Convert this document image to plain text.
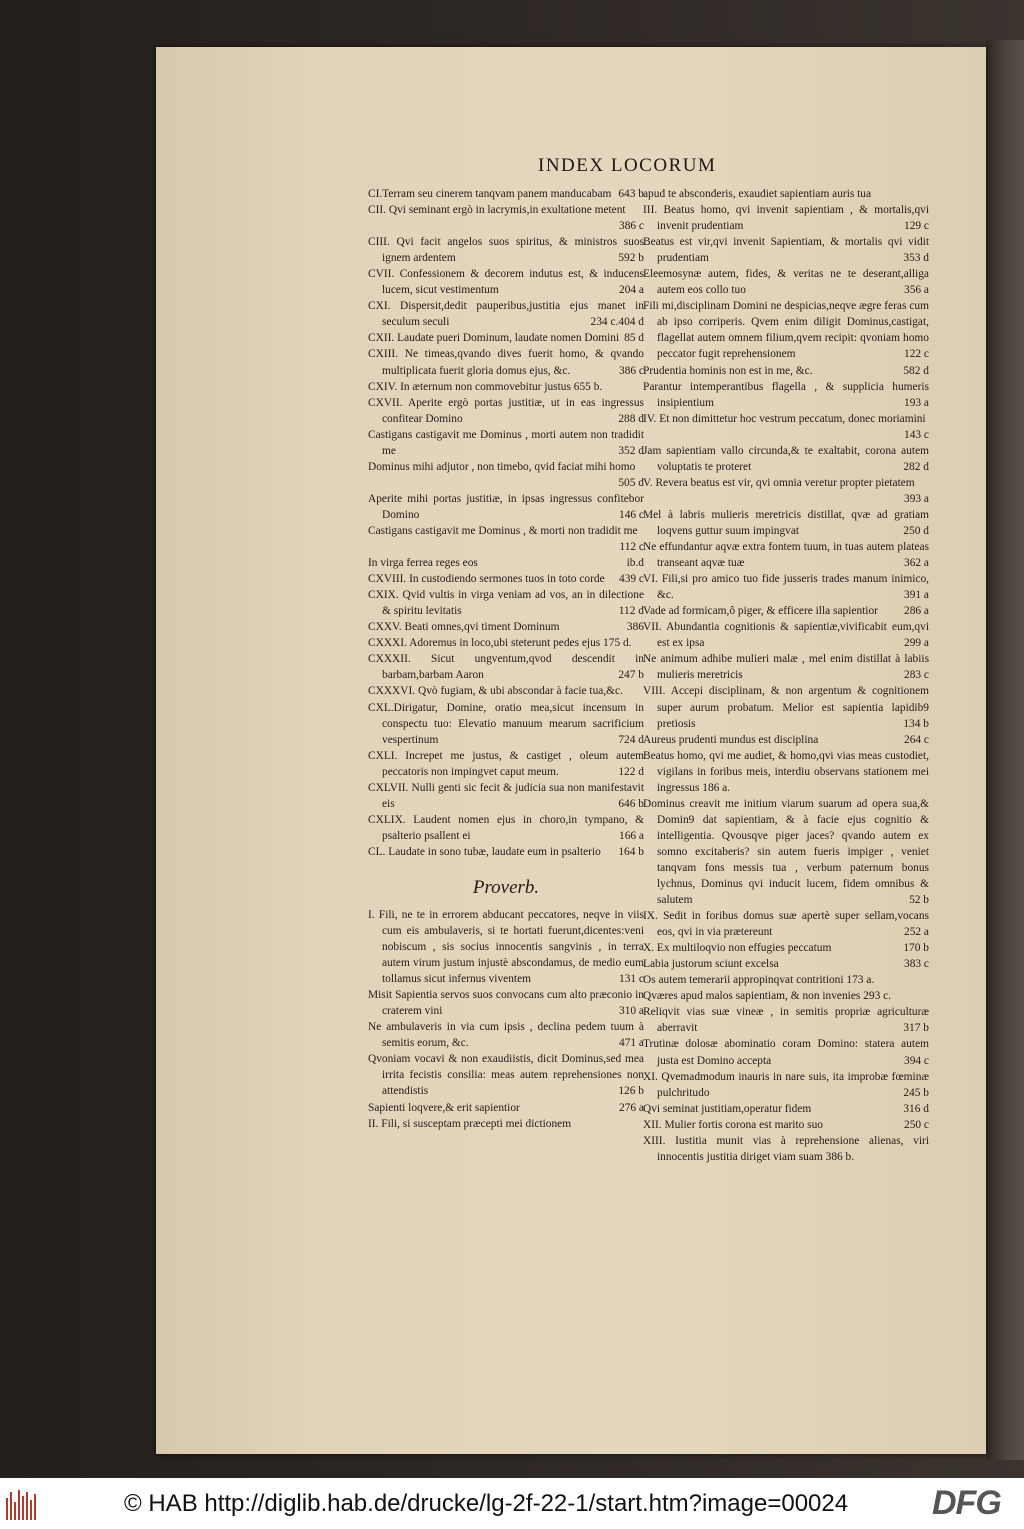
INDEX LOCORUM
CI.Terram seu cinerem tanqvam panem manducabam 643 b
CII. Qvi seminant ergò in lacrymis,in exultatione metent
386 c
CIII. Qvi facit angelos suos spiritus, & ministros suos ignem ardentem	592 b
CVII. Confessionem & decorem indutus est, & inducens lucem, sicut vestimentum	204 a
CXI. Dispersit,dedit pauperibus,justitia ejus manet in seculum seculi	234 c.404 d
CXII. Laudate pueri Dominum, laudate nomen Domini 85 d
CXIII. Ne timeas,qvando dives fuerit homo, & qvando multiplicata fuerit gloria domus ejus, &c.	386 c
CXIV. In æternum non commovebitur justus 655 b.
CXVII. Aperite ergò portas justitiæ, ut in eas ingressus confitear Domino	288 d
Castigans castigavit me Dominus , morti autem non tradidit me	352 d
Dominus mihi adjutor , non timebo, qvid faciat mihi homo
505 d
Aperite mihi portas justitiæ, in ipsas ingressus confitebor Domino	146 c
Castigans castigavit me Dominus , & morti non tradidit me
112 c
In virga ferrea reges eos	ib.d
CXVIII. In custodiendo sermones tuos in toto corde	439 c
CXIX. Qvid vultis in virga veniam ad vos, an in dilectione & spiritu levitatis	112 d
CXXV. Beati omnes,qvi timent Dominum	386
CXXXI. Adoremus in loco,ubi steterunt pedes ejus 175 d.
CXXXII. Sicut ungventum,qvod descendit in barbam,barbam Aaron	247 b
CXXXVI. Qvò fugiam, & ubi abscondar à facie tua,&c.
CXL.Dirigatur, Domine, oratio mea,sicut incensum in conspectu tuo: Elevatio manuum mearum sacrificium vespertinum	724 d
CXLI. Increpet me justus, & castiget , oleum autem peccatoris non impingvet caput meum.	122 d
CXLVII. Nulli genti sic fecit & judicia sua non manifestavit eis	646 b
CXLIX. Laudent nomen ejus in choro,in tympano, & psalterio psallent ei	166 a
CL. Laudate in sono tubæ, laudate eum in psalterio	164 b
Proverb.
I. Fili, ne te in errorem abducant peccatores, neqve in viis cum eis ambulaveris, si te hortati fuerunt,dicentes:veni nobiscum , sis socius innocentis sangvinis , in terra autem virum justum injustè abscondamus, de medio eum tollamus sicut infernus viventem	131 c
Misit Sapientia servos suos convocans cum alto præconio in craterem vini	310 a
Ne ambulaveris in via cum ipsis , declina pedem tuum à semitis eorum, &c.	471 a
Qvoniam vocavi & non exaudiistis, dicit Dominus,sed mea irrita fecistis consilia: meas autem reprehensiones non attendistis	126 b
Sapienti loqvere,& erit sapientior	276 a
II. Fili, si susceptam præcepti mei dictionem
apud te absconderis, exaudiet sapientiam auris tua
III. Beatus homo, qvi invenit sapientiam , & mortalis,qvi invenit prudentiam	129 c
Beatus est vir,qvi invenit Sapientiam, & mortalis qvi vidit prudentiam	353 d
Eleemosynæ autem, fides, & veritas ne te deserant,alliga autem eos collo tuo	356 a
Fili mi,disciplinam Domini ne despicias,neqve ægre feras cum ab ipso corriperis. Qvem enim diligit Dominus,castigat, flagellat autem omnem filium,qvem recipit: qvoniam homo peccator fugit reprehensionem	122 c
Prudentia hominis non est in me, &c.	582 d
Parantur intemperantibus flagella , & supplicia humeris insipientium	193 a
IV. Et non dimittetur hoc vestrum peccatum, donec moriamini
143 c
Jam sapientiam vallo circunda,& te exaltabit, corona autem voluptatis te proteret	282 d
V. Revera beatus est vir, qvi omnia veretur propter pietatem
393 a
Mel à labris mulieris meretricis distillat, qvæ ad gratiam loqvens guttur suum impingvat	250 d
Ne effundantur aqvæ extra fontem tuum, in tuas autem plateas transeant aqvæ tuæ	362 a
VI. Fili,si pro amico tuo fide jusseris trades manum inimico, &c.	391 a
Vade ad formicam,ô piger, & efficere illa sapientior	286 a
VII. Abundantia cognitionis & sapientiæ,vivificabit eum,qvi est ex ipsa	299 a
Ne animum adhibe mulieri malæ , mel enim distillat à labiis mulieris meretricis	283 c
VIII. Accepi disciplinam, & non argentum & cognitionem super aurum probatum. Melior est sapientia lapidib9 pretiosis	134 b
Aureus prudenti mundus est disciplina	264 c
Beatus homo, qvi me audiet, & homo,qvi vias meas custodiet, vigilans in foribus meis, interdiu observans stationem mei ingressus 186 a.
Dominus creavit me initium viarum suarum ad opera sua,& Domin9 dat sapientiam, & à facie ejus cognitio & intelligentia. Qvousqve piger jaces? qvando autem ex somno excitaberis? sin autem fueris impiger , veniet tanqvam fons messis tua , verbum paternum bonus lychnus, Dominus qvi inducit lucem, fidem omnibus & salutem	52 b
IX. Sedit in foribus domus suæ apertè super sellam,vocans eos, qvi in via prætereunt	252 a
X. Ex multiloqvio non effugies peccatum	170 b
Labia justorum sciunt excelsa	383 c
Os autem temerarii appropinqvat contritioni 173 a.
Qværes apud malos sapientiam, & non invenies 293 c.
Reliqvit vias suæ vineæ , in semitis propriæ agriculturæ aberravit	317 b
Trutinæ dolosæ abominatio coram Domino: statera autem justa est Domino accepta	394 c
XI. Qvemadmodum inauris in nare suis, ita improbæ fœminæ pulchritudo	245 b
Qvi seminat justitiam,operatur fidem	316 d
XII. Mulier fortis corona est marito suo	250 c
XIII. Iustitia munit vias à reprehensione alienas, viri innocentis justitia diriget viam suam 386 b.
© HAB http://diglib.hab.de/drucke/lg-2f-22-1/start.htm?image=00024 DFG
